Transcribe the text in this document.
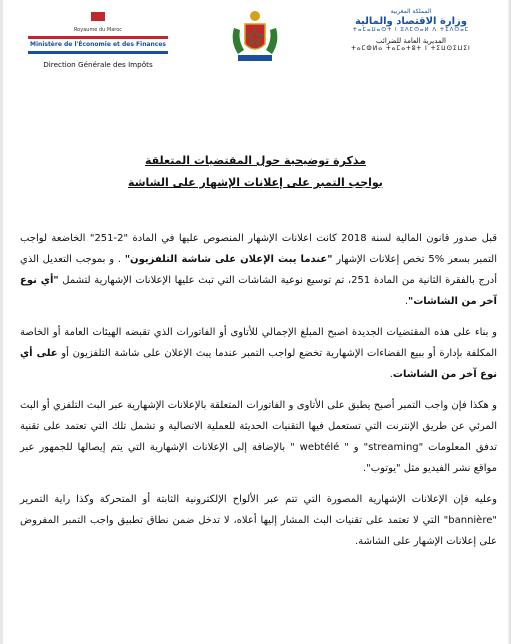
Royaume du Maroc
Ministère de l'Économie et des Finances
Direction Générale des Impôts
المملكة المغربية
وزارة الاقتصاد والمالية
ⵜⴰⵎⴰⵡⴰⵙⵜ ⵏ ⵓⴷⵎⵙⴰⵍ ⴷ ⵜⵉⴷⵔⴰⵎ
المديرية العامة للضرائب
ⵜⴰⵎⵀⵍⴰ ⵜⴰⵎⴰⵜⵓⵜ ⵏ ⵜⵉⵡⵙⵉⵡⵉⵏ
مذكرة توضيحية حول المقتضيات المتعلقة
بواجب التمبر على إعلانات الإشهار على الشاشة

قبل صدور قانون المالية لسنة 2018 كانت اعلانات الإشهار المنصوص عليها في المادة "2-251" الخاضعة لواجب التمبر بسعر %5 تخص إعلانات الإشهار "عندما يبث الإعلان على شاشة التلفزيون" . و بموجب التعديل الذي أدرج بالفقرة الثانية من المادة 251، تم توسيع نوعية الشاشات التي تبث عليها الإعلانات الإشهارية لتشمل "أي نوع آخر من الشاشات".

و بناء على هذه المقتضيات الجديدة اصبح المبلغ الإجمالي للأتاوى أو الفاتورات الذي تقبضه الهيئات العامة أو الخاصة المكلفة بإدارة أو ببيع الفضاءات الإشهارية تخضع لواجب التمبر عندما يبث الإعلان على شاشة التلفزيون أو على أي نوع آخر من الشاشات.

و هكذا فإن واجب التمبر أصبح يطبق على الأتاوى و الفاتورات المتعلقة بالإعلانات الإشهارية عبر البث التلفزي أو البث المرئي عن طريق الإنترنت التي تستعمل فيها التقنيات الحديثة للعملية الاتصالية و تشمل تلك التي تعتمد على تقنية تدفق المعلومات "streaming" و " webtélé " بالإضافة إلى الإعلانات الإشهارية التي يتم إيصالها للجمهور عبر مواقع نشر الفيديو مثل "يوتوب".

وعليه فإن الإعلانات الإشهارية المصورة التي تتم عبر الألواح الإلكترونية الثابتة أو المتحركة وكذا راية التمرير "bannière" التي لا تعتمد على تقنيات البث المشار إليها أعلاه، لا تدخل ضمن نطاق تطبيق واجب التمبر المفروض على إعلانات الإشهار على الشاشة.
